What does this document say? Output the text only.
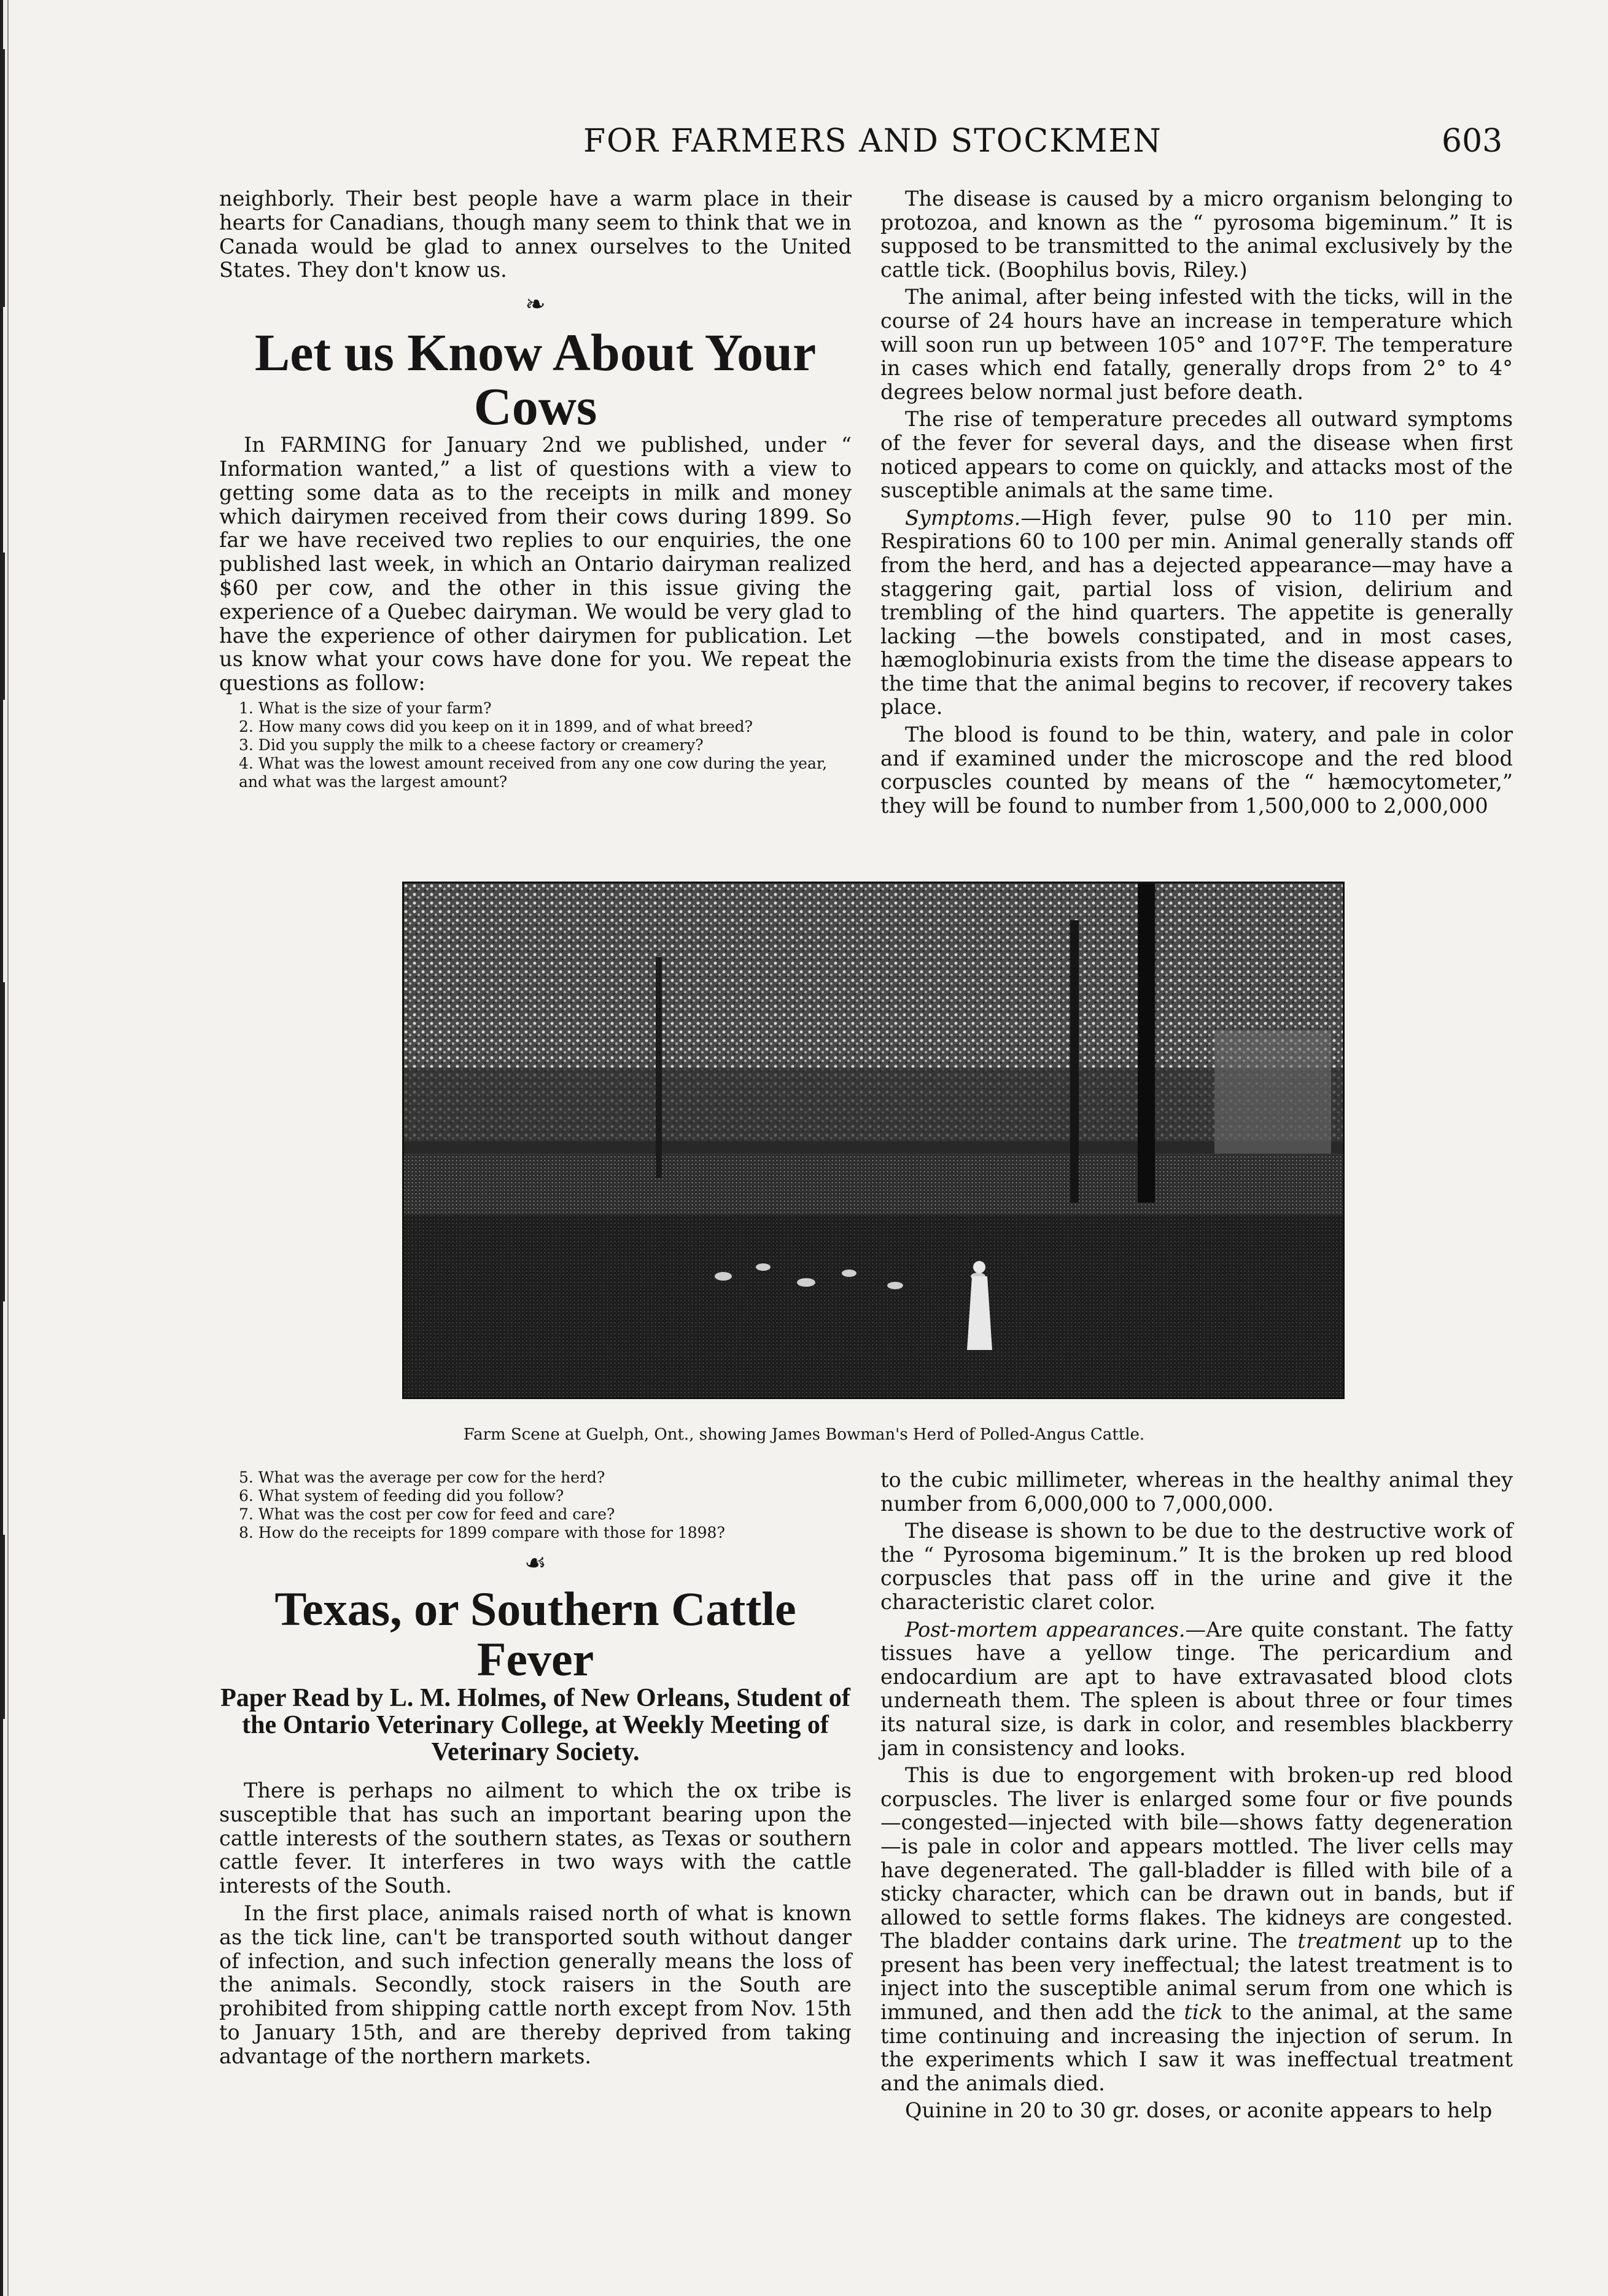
FOR FARMERS AND STOCKMEN	603

neighborly. Their best people have a warm place in their hearts for Canadians, though many seem to think that we in Canada would be glad to annex ourselves to the United States. They don't know us.

❧
Let us Know About Your Cows

In FARMING for January 2nd we published, under “ Information wanted,” a list of questions with a view to getting some data as to the receipts in milk and money which dairymen received from their cows during 1899. So far we have received two replies to our enquiries, the one published last week, in which an Ontario dairyman realized $60 per cow, and the other in this issue giving the experience of a Quebec dairyman. We would be very glad to have the experience of other dairymen for publication. Let us know what your cows have done for you. We repeat the questions as follow:

1. What is the size of your farm?
2. How many cows did you keep on it in 1899, and of what breed?
3. Did you supply the milk to a cheese factory or creamery?
4. What was the lowest amount received from any one cow during the year, and what was the largest amount?

The disease is caused by a micro organism belonging to protozoa, and known as the “ pyrosoma bigeminum.” It is supposed to be transmitted to the animal exclusively by the cattle tick. (Boophilus bovis, Riley.)

The animal, after being infested with the ticks, will in the course of 24 hours have an increase in temperature which will soon run up between 105° and 107°F. The temperature in cases which end fatally, generally drops from 2° to 4° degrees below normal just before death.

The rise of temperature precedes all outward symptoms of the fever for several days, and the disease when first noticed appears to come on quickly, and attacks most of the susceptible animals at the same time.

Symptoms.—High fever, pulse 90 to 110 per min. Respirations 60 to 100 per min. Animal generally stands off from the herd, and has a dejected appearance—may have a staggering gait, partial loss of vision, delirium and trembling of the hind quarters. The appetite is generally lacking —the bowels constipated, and in most cases, hæmoglobinuria exists from the time the disease appears to the time that the animal begins to recover, if recovery takes place.

The blood is found to be thin, watery, and pale in color and if examined under the microscope and the red blood corpuscles counted by means of the “ hæmocytometer,” they will be found to number from 1,500,000 to 2,000,000

Farm Scene at Guelph, Ont., showing James Bowman's Herd of Polled-Angus Cattle.
5. What was the average per cow for the herd?
6. What system of feeding did you follow?
7. What was the cost per cow for feed and care?
8. How do the receipts for 1899 compare with those for 1898?
☙
Texas, or Southern Cattle Fever
Paper Read by L. M. Holmes, of New Orleans, Student of the Ontario Veterinary College, at Weekly Meeting of Veterinary Society.

There is perhaps no ailment to which the ox tribe is susceptible that has such an important bearing upon the cattle interests of the southern states, as Texas or southern cattle fever. It interferes in two ways with the cattle interests of the South.

In the first place, animals raised north of what is known as the tick line, can't be transported south without danger of infection, and such infection generally means the loss of the animals. Secondly, stock raisers in the South are prohibited from shipping cattle north except from Nov. 15th to January 15th, and are thereby deprived from taking advantage of the northern markets.

to the cubic millimeter, whereas in the healthy animal they number from 6,000,000 to 7,000,000.

The disease is shown to be due to the destructive work of the “ Pyrosoma bigeminum.” It is the broken up red blood corpuscles that pass off in the urine and give it the characteristic claret color.

Post-mortem appearances.—Are quite constant. The fatty tissues have a yellow tinge. The pericardium and endocardium are apt to have extravasated blood clots underneath them. The spleen is about three or four times its natural size, is dark in color, and resembles blackberry jam in consistency and looks.

This is due to engorgement with broken-up red blood corpuscles. The liver is enlarged some four or five pounds —congested—injected with bile—shows fatty degeneration —is pale in color and appears mottled. The liver cells may have degenerated. The gall-bladder is filled with bile of a sticky character, which can be drawn out in bands, but if allowed to settle forms flakes. The kidneys are congested. The bladder contains dark urine. The treatment up to the present has been very ineffectual; the latest treatment is to inject into the susceptible animal serum from one which is immuned, and then add the tick to the animal, at the same time continuing and increasing the injection of serum. In the experiments which I saw it was ineffectual treatment and the animals died.

Quinine in 20 to 30 gr. doses, or aconite appears to help
